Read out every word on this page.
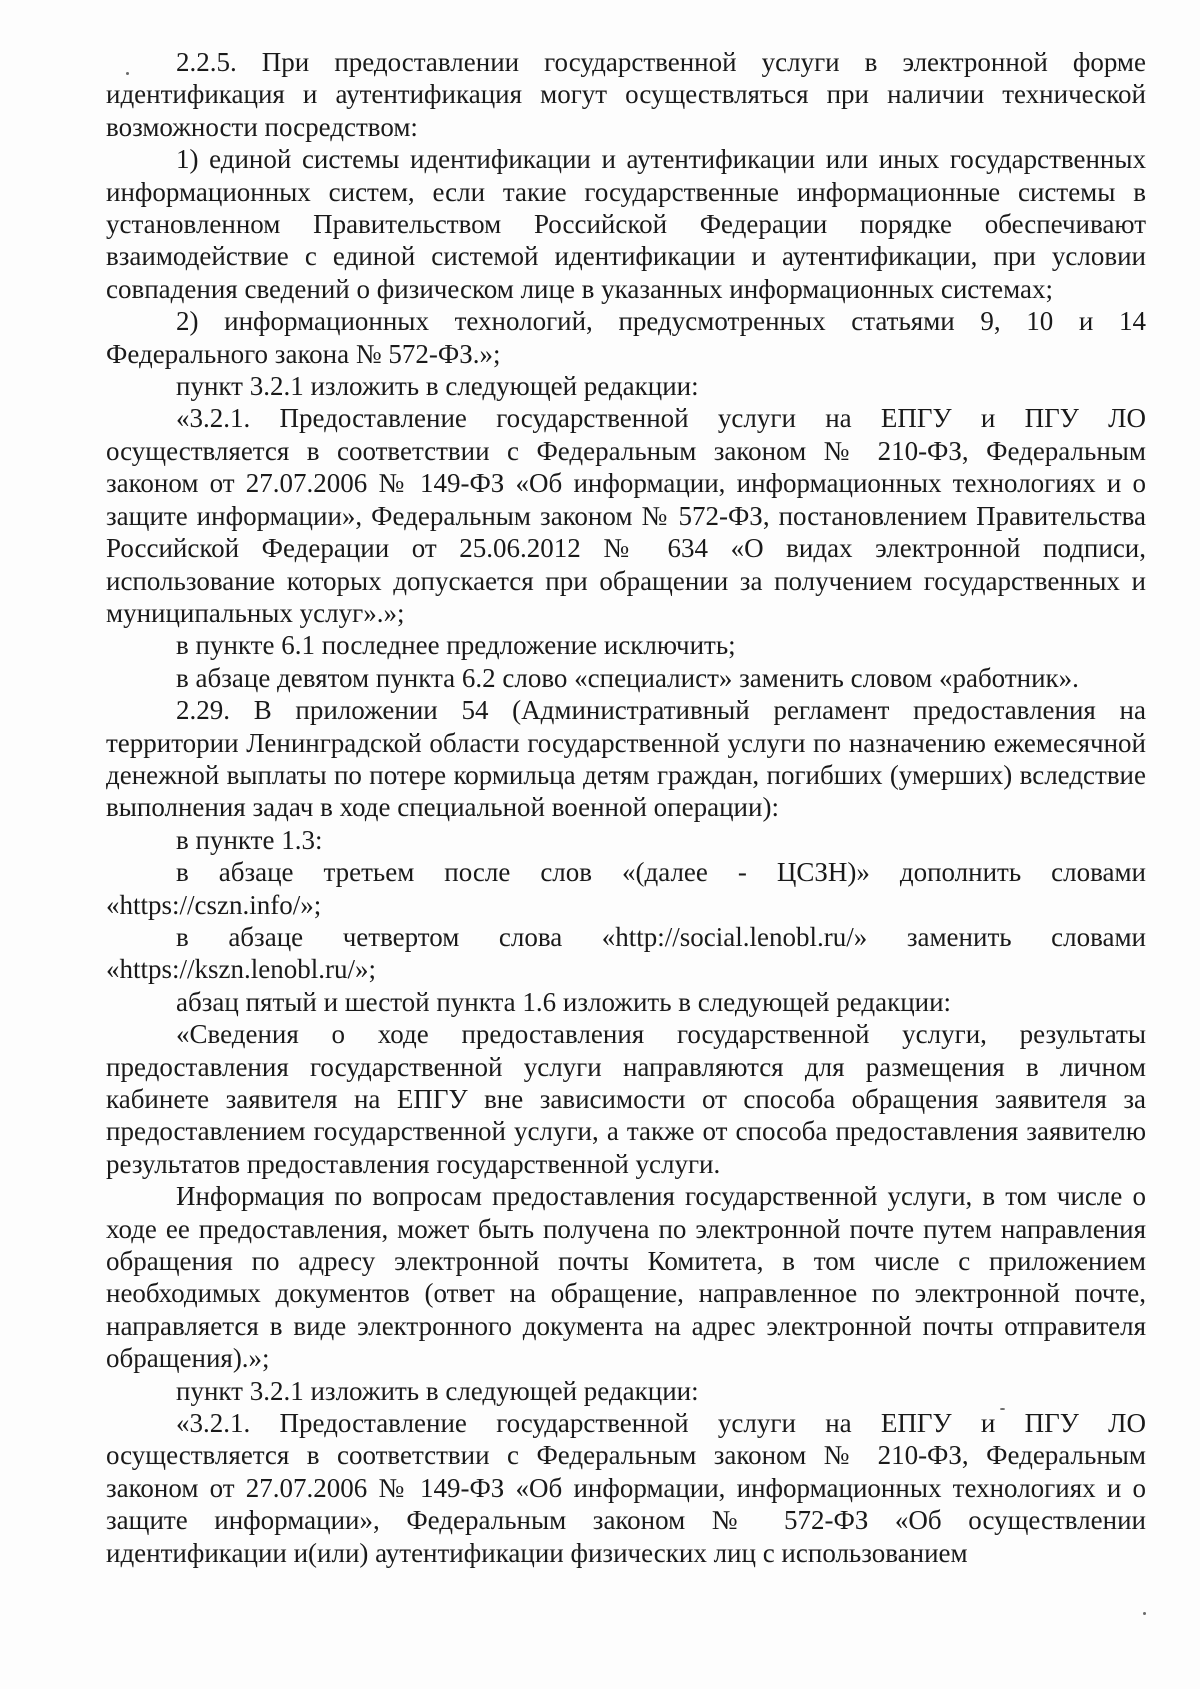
2.2.5. При предоставлении государственной услуги в электронной форме идентификация и аутентификация могут осуществляться при наличии технической возможности посредством:

1) единой системы идентификации и аутентификации или иных государственных информационных систем, если такие государственные информационные системы в установленном Правительством Российской Федерации порядке обеспечивают взаимодействие с единой системой идентификации и аутентификации, при условии совпадения сведений о физическом лице в указанных информационных системах;

2) информационных технологий, предусмотренных статьями 9, 10 и 14 Федерального закона № 572-ФЗ.»;

пункт 3.2.1 изложить в следующей редакции:

«3.2.1. Предоставление государственной услуги на ЕПГУ и ПГУ ЛО осуществляется в соответствии с Федеральным законом № 210-ФЗ, Федеральным законом от 27.07.2006 № 149-ФЗ «Об информации, информационных технологиях и о защите информации», Федеральным законом № 572-ФЗ, постановлением Правительства Российской Федерации от 25.06.2012 № 634 «О видах электронной подписи, использование которых допускается при обращении за получением государственных и муниципальных услуг».»;

в пункте 6.1 последнее предложение исключить;

в абзаце девятом пункта 6.2 слово «специалист» заменить словом «работник».

2.29. В приложении 54 (Административный регламент предоставления на территории Ленинградской области государственной услуги по назначению ежемесячной денежной выплаты по потере кормильца детям граждан, погибших (умерших) вследствие выполнения задач в ходе специальной военной операции):

в пункте 1.3:

в абзаце третьем после слов «(далее - ЦСЗН)» дополнить словами «https://cszn.info/»;

в абзаце четвертом слова «http://social.lenobl.ru/» заменить словами «https://kszn.lenobl.ru/»;

абзац пятый и шестой пункта 1.6 изложить в следующей редакции:

«Сведения о ходе предоставления государственной услуги, результаты предоставления государственной услуги направляются для размещения в личном кабинете заявителя на ЕПГУ вне зависимости от способа обращения заявителя за предоставлением государственной услуги, а также от способа предоставления заявителю результатов предоставления государственной услуги.

Информация по вопросам предоставления государственной услуги, в том числе о ходе ее предоставления, может быть получена по электронной почте путем направления обращения по адресу электронной почты Комитета, в том числе с приложением необходимых документов (ответ на обращение, направленное по электронной почте, направляется в виде электронного документа на адрес электронной почты отправителя обращения).»;

пункт 3.2.1 изложить в следующей редакции:

«3.2.1. Предоставление государственной услуги на ЕПГУ и ПГУ ЛО осуществляется в соответствии с Федеральным законом № 210-ФЗ, Федеральным законом от 27.07.2006 № 149-ФЗ «Об информации, информационных технологиях и о защите информации», Федеральным законом № 572-ФЗ «Об осуществлении идентификации и(или) аутентификации физических лиц с использованием
